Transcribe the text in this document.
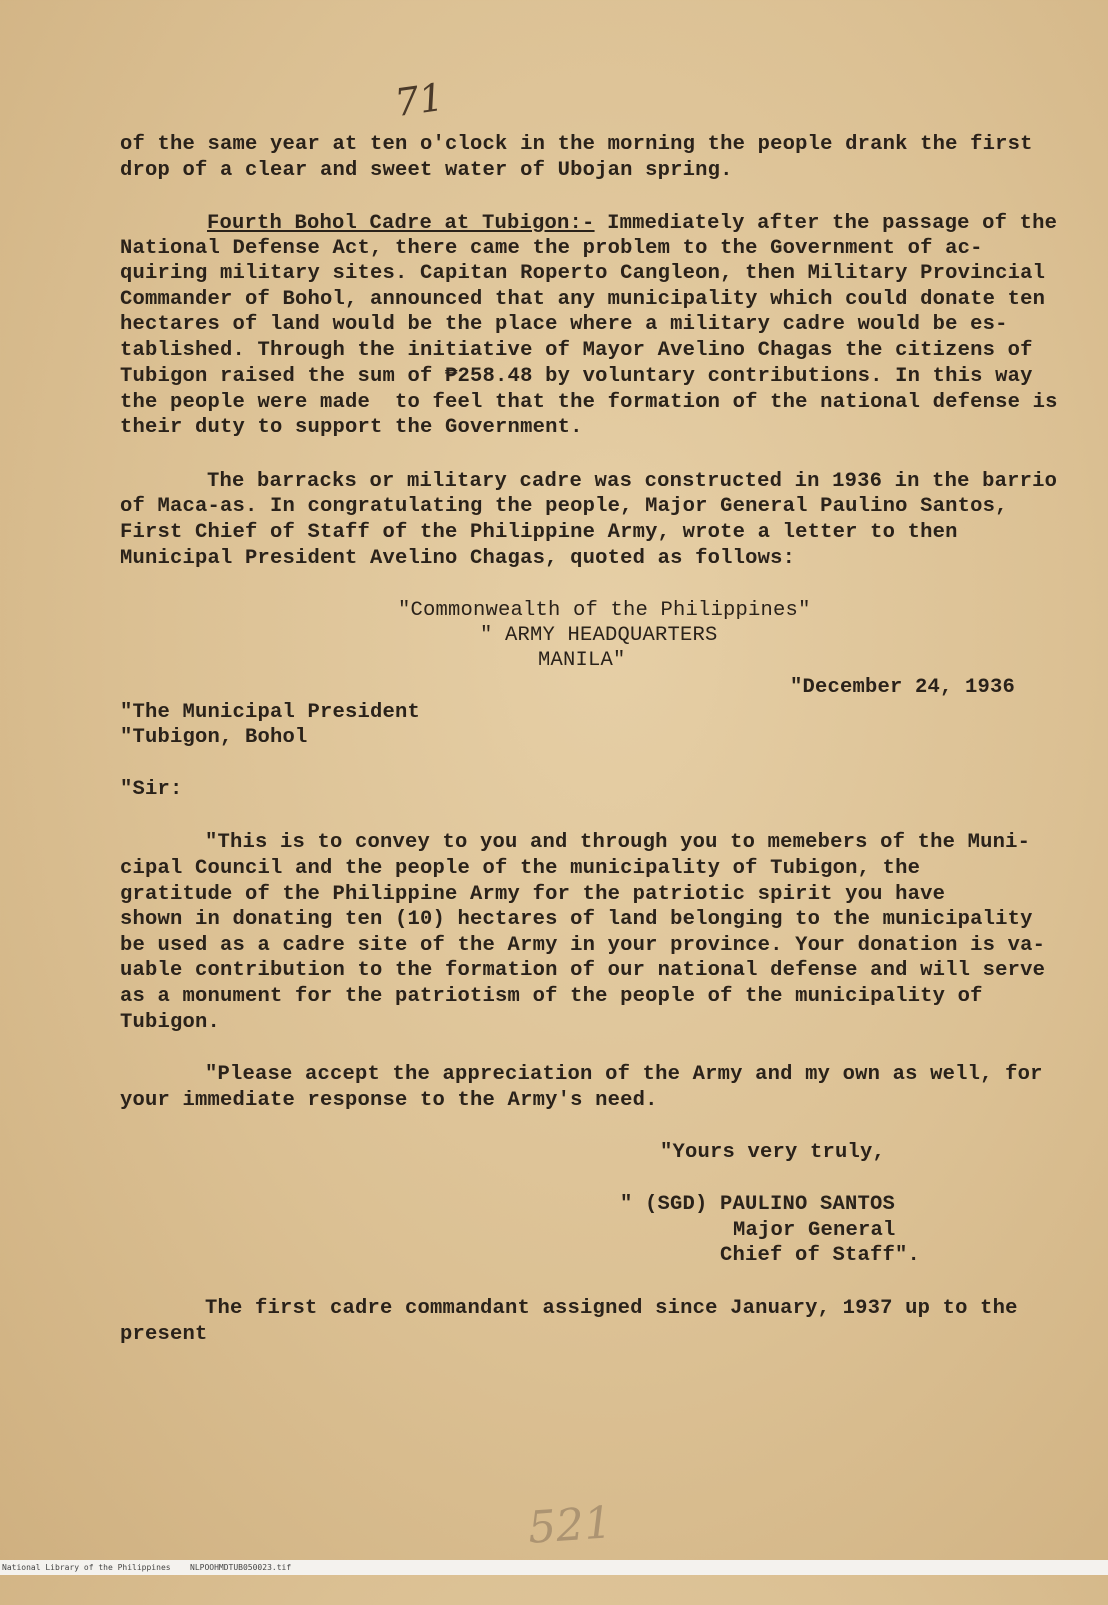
71
of the same year at ten o'clock in the morning the people drank the first
drop of a clear and sweet water of Ubojan spring.
Fourth Bohol Cadre at Tubigon:- Immediately after the passage of the
National Defense Act, there came the problem to the Government of ac-
quiring military sites. Capitan Roperto Cangleon, then Military Provincial
Commander of Bohol, announced that any municipality which could donate ten
hectares of land would be the place where a military cadre would be es-
tablished. Through the initiative of Mayor Avelino Chagas the citizens of
Tubigon raised the sum of ₱258.48 by voluntary contributions. In this way
the people were made  to feel that the formation of the national defense is
their duty to support the Government.
The barracks or military cadre was constructed in 1936 in the barrio
of Maca-as. In congratulating the people, Major General Paulino Santos,
First Chief of Staff of the Philippine Army, wrote a letter to then
Municipal President Avelino Chagas, quoted as follows:
"Commonwealth of the Philippines"
" ARMY HEADQUARTERS
MANILA"
"December 24, 1936
"The Municipal President
"Tubigon, Bohol
"Sir:
"This is to convey to you and through you to memebers of the Muni-
cipal Council and the people of the municipality of Tubigon, the
gratitude of the Philippine Army for the patriotic spirit you have
shown in donating ten (10) hectares of land belonging to the municipality
be used as a cadre site of the Army in your province. Your donation is va-
uable contribution to the formation of our national defense and will serve
as a monument for the patriotism of the people of the municipality of
Tubigon.
"Please accept the appreciation of the Army and my own as well, for
your immediate response to the Army's need.
"Yours very truly,
" (SGD) PAULINO SANTOS
Major General
Chief of Staff".
The first cadre commandant assigned since January, 1937 up to the
present
521

National Library of the Philippines

NLPOOHMDTUB050023.tif
